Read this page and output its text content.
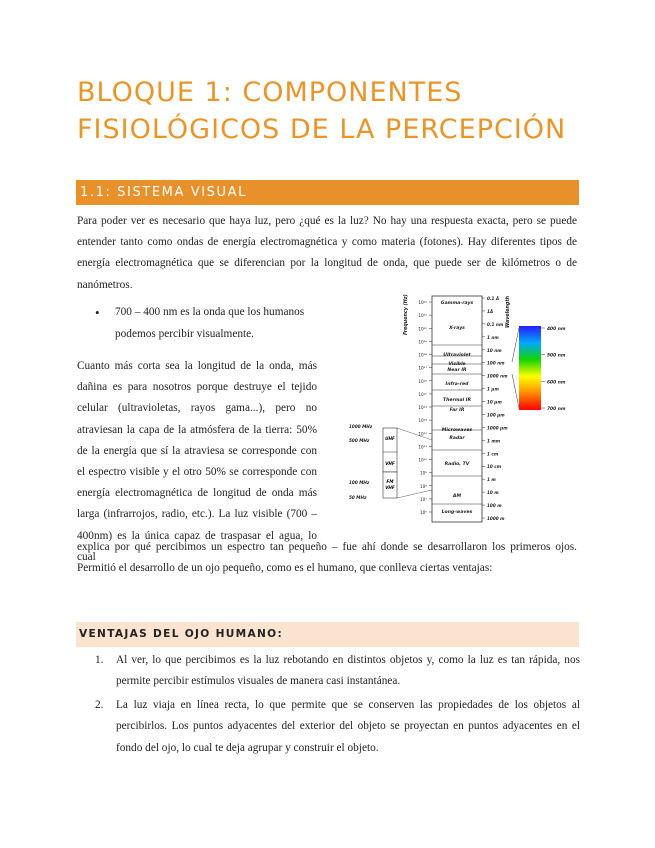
BLOQUE 1: COMPONENTES FISIOLÓGICOS DE LA PERCEPCIÓN
1.1: SISTEMA VISUAL

Para poder ver es necesario que haya luz, pero ¿qué es la luz? No hay una respuesta exacta, pero se puede entender tanto como ondas de energía electromagnética y como materia (fotones). Hay diferentes tipos de energía electromagnética que se diferencian por la longitud de onda, que puede ser de kilómetros o de nanómetros.

• 700 – 400 nm es la onda que los humanos podemos percibir visualmente.

Cuanto más corta sea la longitud de la onda, más dañina es para nosotros porque destruye el tejido celular (ultravioletas, rayos gama...), pero no atraviesan la capa de la atmósfera de la tierra: 50% de la energía que sí la atraviesa se corresponde con el espectro visible y el otro 50% se corresponde con energía electromagnética de longitud de onda más larga (infrarrojos, radio, etc.). La luz visible (700 – 400nm) es la única capaz de traspasar el agua, lo cual

Gamma-rays
X-rays
Ultraviolet
Visible
Near IR
Infra-red
Thermal IR
Far IR
Microwaves
Radar
Radio, TV
AM
Long-waves
10²²
10²¹
10²⁰
10¹⁹
10¹⁸
10¹⁷
10¹⁶
10¹⁵
10¹⁴
10¹³
10¹²
10¹¹
10¹⁰
10⁹
10⁸
10⁷
10⁶
0.1 Å
1Å
0.1 nm
1 nm
10 nm
100 nm
1000 nm
1 μm
10 μm
100 μm
1000 μm
1 mm
1 cm
10 cm
1 m
10 m
100 m
1000 m
Frequency (Hz)	Wavelength
400 nm
500 nm
600 nm
700 nm
UHF
VHF
FM
VHF
1000 MHz
500 MHz
100 MHz
50 MHz

explica por qué percibimos un espectro tan pequeño – fue ahí donde se desarrollaron los primeros ojos. Permitió el desarrollo de un ojo pequeño, como es el humano, que conlleva ciertas ventajas:

VENTAJAS DEL OJO HUMANO:
1. Al ver, lo que percibimos es la luz rebotando en distintos objetos y, como la luz es tan rápida, nos permite percibir estímulos visuales de manera casi instantánea.
2. La luz viaja en línea recta, lo que permite que se conserven las propiedades de los objetos al percibirlos. Los puntos adyacentes del exterior del objeto se proyectan en puntos adyacentes en el fondo del ojo, lo cual te deja agrupar y construir el objeto.
